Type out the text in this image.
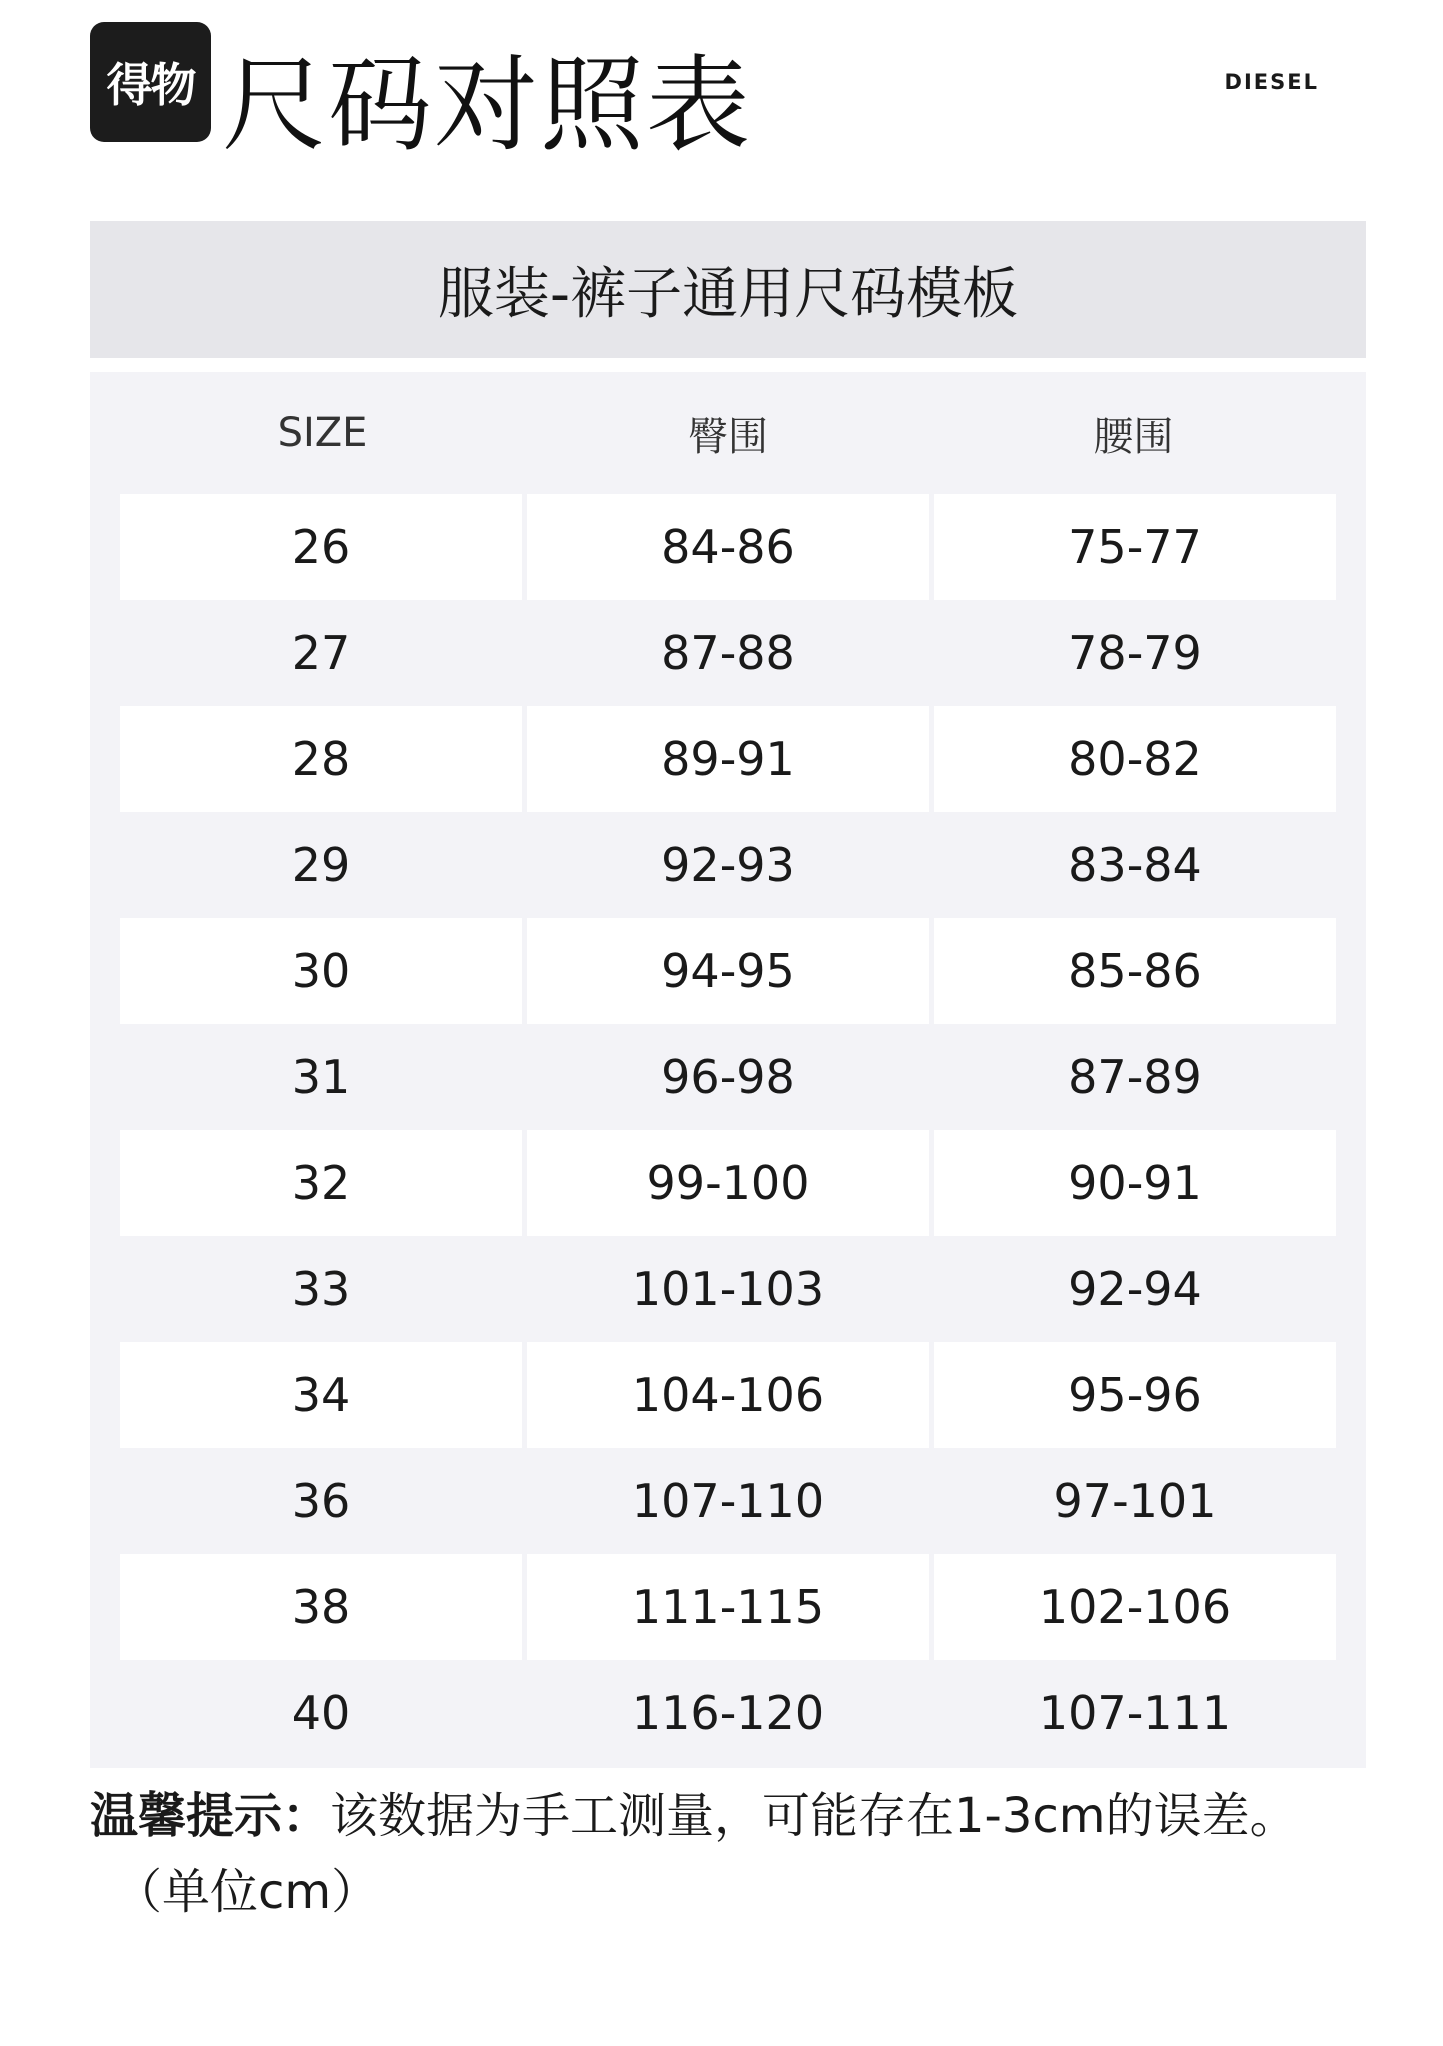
得物 尺码对照表	DIESEL
服装-裤子通用尺码模板
SIZE	臀围	腰围
26	84-86	75-77
27	87-88	78-79
28	89-91	80-82
29	92-93	83-84
30	94-95	85-86
31	96-98	87-89
32	99-100	90-91
33	101-103	92-94
34	104-106	95-96
36	107-110	97-101
38	111-115	102-106
40	116-120	107-111
温馨提示：该数据为手工测量，可能存在1-3cm的误差。
（单位cm）
